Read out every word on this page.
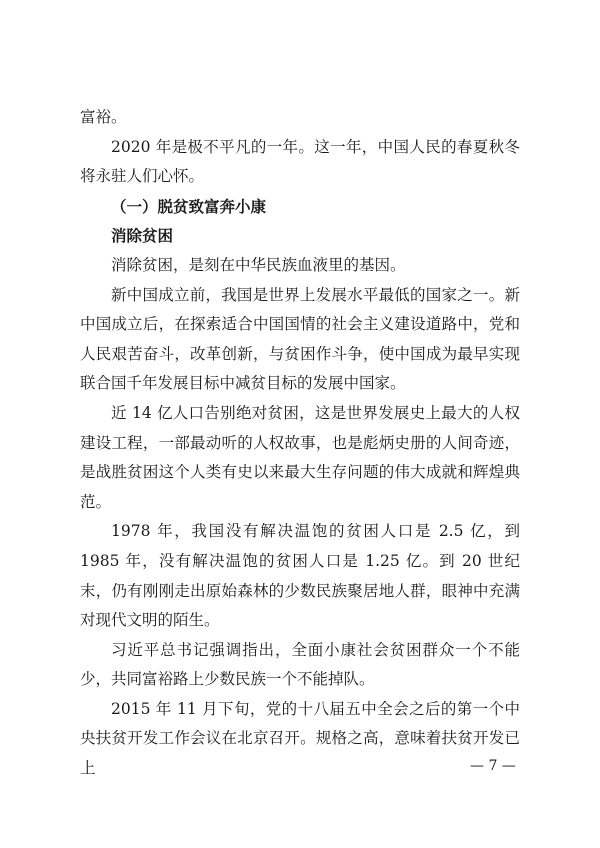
富裕。

2020 年是极不平凡的一年。这一年，中国人民的春夏秋冬将永驻人们心怀。

（一）脱贫致富奔小康

消除贫困

消除贫困，是刻在中华民族血液里的基因。

新中国成立前，我国是世界上发展水平最低的国家之一。新中国成立后，在探索适合中国国情的社会主义建设道路中，党和人民艰苦奋斗，改革创新，与贫困作斗争，使中国成为最早实现联合国千年发展目标中减贫目标的发展中国家。

近 14 亿人口告别绝对贫困，这是世界发展史上最大的人权建设工程，一部最动听的人权故事，也是彪炳史册的人间奇迹，是战胜贫困这个人类有史以来最大生存问题的伟大成就和辉煌典范。

1978 年，我国没有解决温饱的贫困人口是 2.5 亿，到 1985 年，没有解决温饱的贫困人口是 1.25 亿。到 20 世纪末，仍有刚刚走出原始森林的少数民族聚居地人群，眼神中充满对现代文明的陌生。

习近平总书记强调指出，全面小康社会贫困群众一个不能少，共同富裕路上少数民族一个不能掉队。

2015 年 11 月下旬，党的十八届五中全会之后的第一个中央扶贫开发工作会议在北京召开。规格之高，意味着扶贫开发已上	— 7 —
